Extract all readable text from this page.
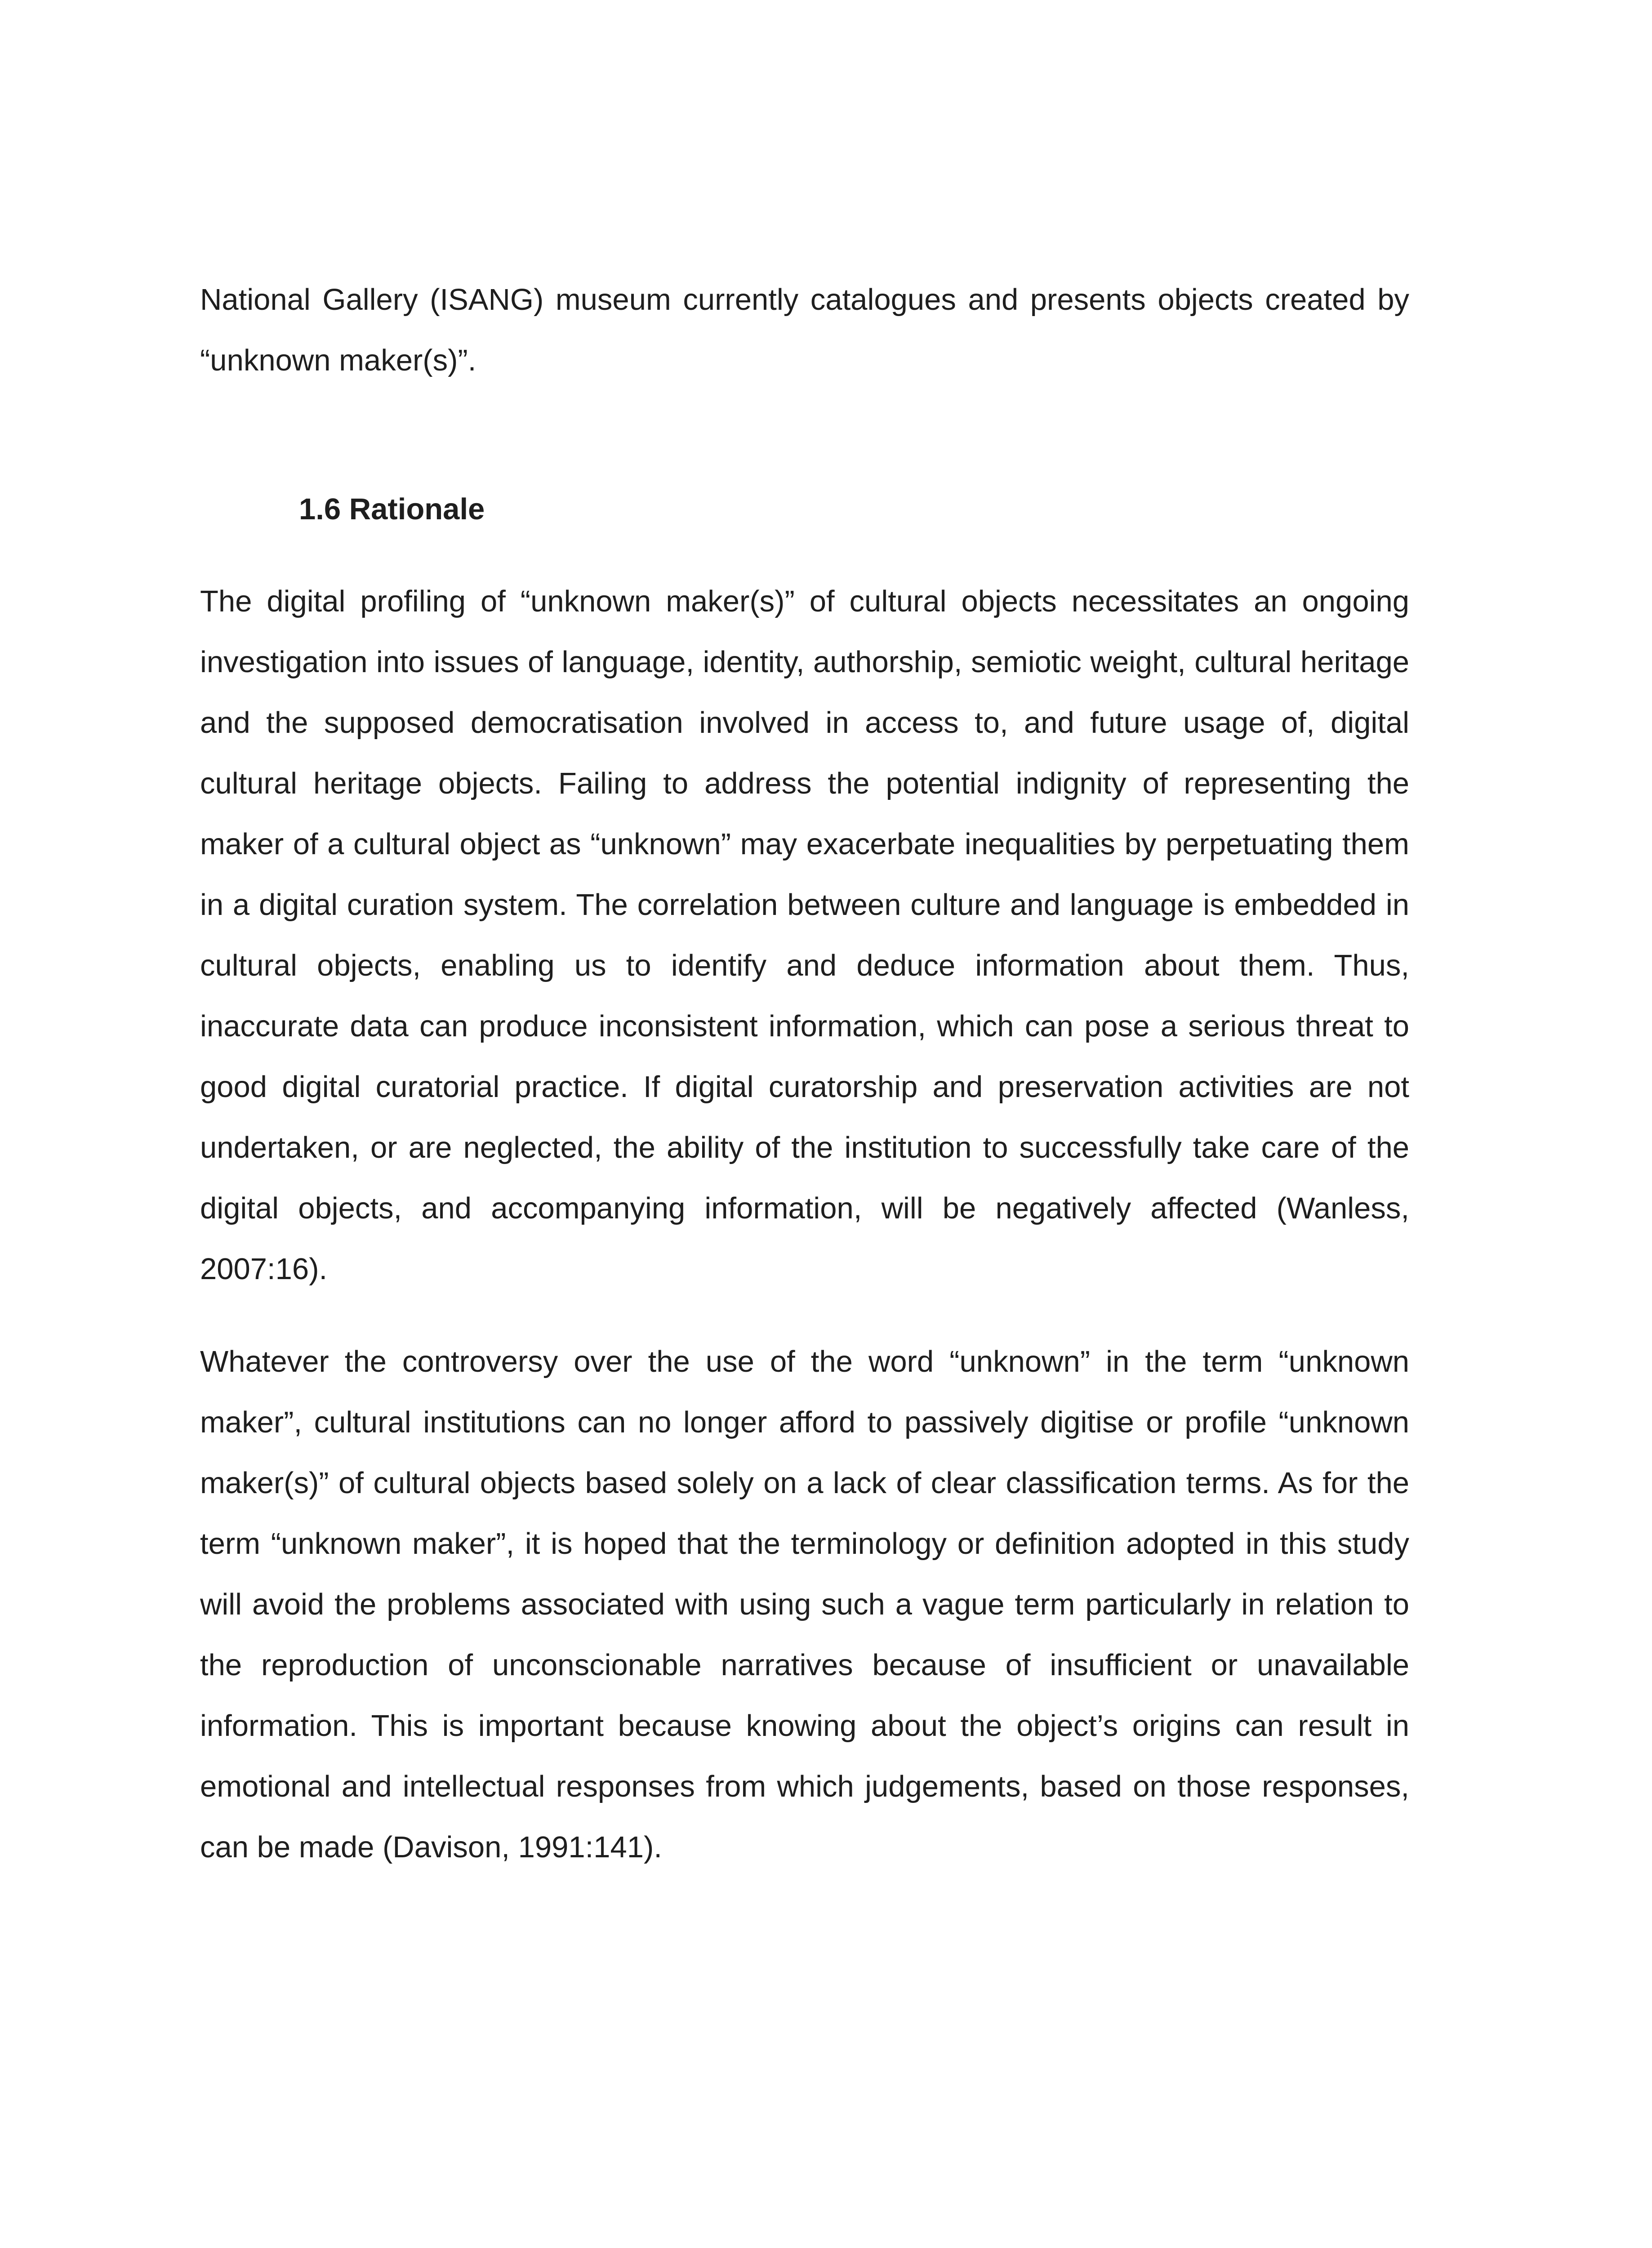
National Gallery (ISANG) museum currently catalogues and presents objects created by “unknown maker(s)”.

1.6 Rationale

The digital profiling of “unknown maker(s)” of cultural objects necessitates an ongoing investigation into issues of language, identity, authorship, semiotic weight, cultural heritage and the supposed democratisation involved in access to, and future usage of, digital cultural heritage objects. Failing to address the potential indignity of representing the maker of a cultural object as “unknown” may exacerbate inequalities by perpetuating them in a digital curation system. The correlation between culture and language is embedded in cultural objects, enabling us to identify and deduce information about them. Thus, inaccurate data can produce inconsistent information, which can pose a serious threat to good digital curatorial practice. If digital curatorship and preservation activities are not undertaken, or are neglected, the ability of the institution to successfully take care of the digital objects, and accompanying information, will be negatively affected (Wanless, 2007:16).

Whatever the controversy over the use of the word “unknown” in the term “unknown maker”, cultural institutions can no longer afford to passively digitise or profile “unknown maker(s)” of cultural objects based solely on a lack of clear classification terms. As for the term “unknown maker”, it is hoped that the terminology or definition adopted in this study will avoid the problems associated with using such a vague term particularly in relation to the reproduction of unconscionable narratives because of insufficient or unavailable information. This is important because knowing about the object’s origins can result in emotional and intellectual responses from which judgements, based on those responses, can be made (Davison, 1991:141).
